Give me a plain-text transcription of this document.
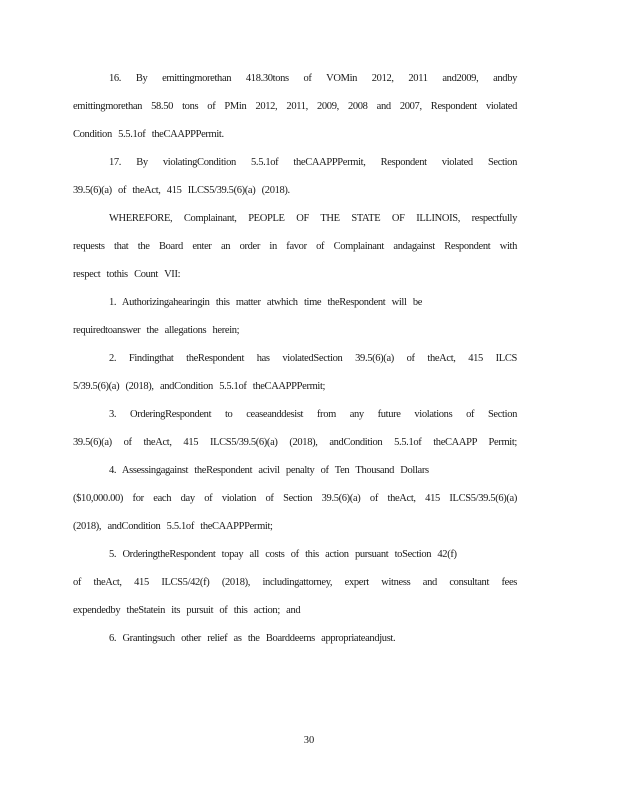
16. By emittingmorethan 418.30tons of VOMin 2012, 2011 and2009, andby
emittingmorethan 58.50 tons of PMin 2012, 2011, 2009, 2008 and 2007, Respondent violated
Condition 5.5.1of theCAAPPPermit.
17. By violatingCondition 5.5.1of theCAAPPPermit, Respondent violated Section
39.5(6)(a) of theAct, 415 ILCS5/39.5(6)(a) (2018).
WHEREFORE, Complainant, PEOPLE OF THE STATE OF ILLINOIS, respectfully
requests that the Board enter an order in favor of Complainant andagainst Respondent with
respect tothis Count VII:
1. Authorizingahearingin this matter atwhich time theRespondent will be
requiredtoanswer the allegations herein;
2. Findingthat theRespondent has violatedSection 39.5(6)(a) of theAct, 415 ILCS
5/39.5(6)(a) (2018), andCondition 5.5.1of theCAAPPPermit;
3. OrderingRespondent to ceaseanddesist from any future violations of Section
39.5(6)(a) of theAct, 415 ILCS5/39.5(6)(a) (2018), andCondition 5.5.1of theCAAPP Permit;
4. Assessingagainst theRespondent acivil penalty of Ten Thousand Dollars
($10,000.00) for each day of violation of Section 39.5(6)(a) of theAct, 415 ILCS5/39.5(6)(a)
(2018), andCondition 5.5.1of theCAAPPPermit;
5. OrderingtheRespondent topay all costs of this action pursuant toSection 42(f)
of theAct, 415 ILCS5/42(f) (2018), includingattorney, expert witness and consultant fees
expendedby theStatein its pursuit of this action; and
6. Grantingsuch other relief as the Boarddeems appropriateandjust.
30
